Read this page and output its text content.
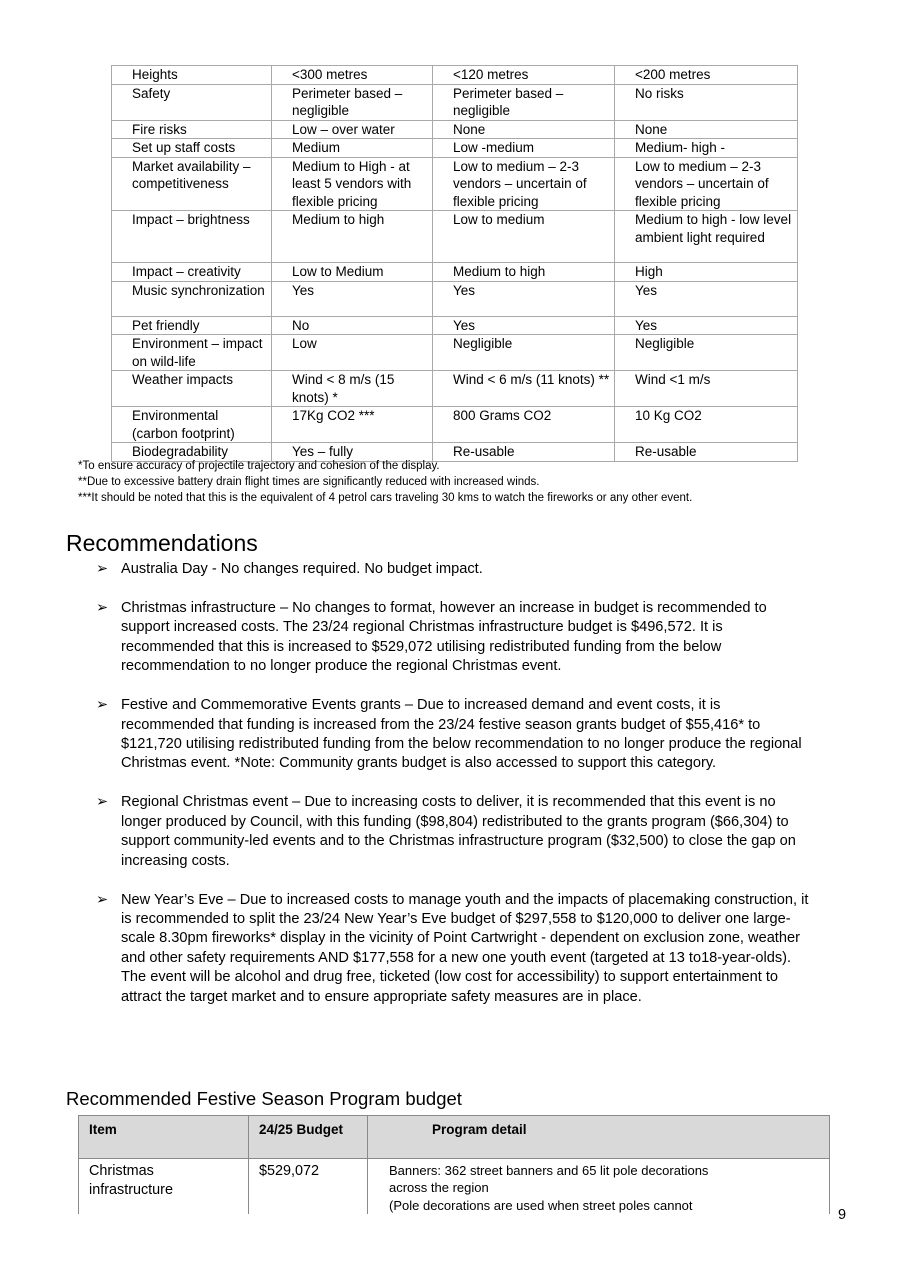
Heights	<300 metres	<120 metres	<200 metres
Safety	Perimeter based – negligible	Perimeter based – negligible	No risks
Fire risks	Low – over water	None	None
Set up staff costs	Medium	Low -medium	Medium- high -
Market availability – competitiveness	Medium to High - at least 5 vendors with flexible pricing	Low to medium – 2-3 vendors – uncertain of flexible pricing	Low to medium – 2-3 vendors – uncertain of flexible pricing
Impact – brightness	Medium to high	Low to medium	Medium to high - low level ambient light required
Impact – creativity	Low to Medium	Medium to high	High
Music synchronization	Yes	Yes	Yes
Pet friendly	No	Yes	Yes
Environment – impact on wild-life	Low	Negligible	Negligible
Weather impacts	Wind < 8 m/s (15 knots) *	Wind < 6 m/s (11 knots) **	Wind <1 m/s
Environmental (carbon footprint)	17Kg CO2 ***	800 Grams CO2	10 Kg CO2
Biodegradability	Yes – fully	Re-usable	Re-usable
*To ensure accuracy of projectile trajectory and cohesion of the display.
**Due to excessive battery drain flight times are significantly reduced with increased winds.
***It should be noted that this is the equivalent of 4 petrol cars traveling 30 kms to watch the fireworks or any other event.
Recommendations
➢ Australia Day - No changes required. No budget impact.
➢ Christmas infrastructure – No changes to format, however an increase in budget is recommended to support increased costs. The 23/24 regional Christmas infrastructure budget is $496,572. It is recommended that this is increased to $529,072 utilising redistributed funding from the below recommendation to no longer produce the regional Christmas event.
➢ Festive and Commemorative Events grants – Due to increased demand and event costs, it is recommended that funding is increased from the 23/24 festive season grants budget of $55,416* to $121,720 utilising redistributed funding from the below recommendation to no longer produce the regional Christmas event. *Note: Community grants budget is also accessed to support this category.
➢ Regional Christmas event – Due to increasing costs to deliver, it is recommended that this event is no longer produced by Council, with this funding ($98,804) redistributed to the grants program ($66,304) to support community-led events and to the Christmas infrastructure program ($32,500) to close the gap on increasing costs.
➢ New Year’s Eve – Due to increased costs to manage youth and the impacts of placemaking construction, it is recommended to split the 23/24 New Year’s Eve budget of $297,558 to $120,000 to deliver one large-scale 8.30pm fireworks* display in the vicinity of Point Cartwright - dependent on exclusion zone, weather and other safety requirements AND $177,558 for a new one youth event (targeted at 13 to18-year-olds). The event will be alcohol and drug free, ticketed (low cost for accessibility) to support entertainment to attract the target market and to ensure appropriate safety measures are in place.
Recommended Festive Season Program budget
Item	24/25 Budget	Program detail
Christmas infrastructure	$529,072	Banners: 362 street banners and 65 lit pole decorations
across the region
(Pole decorations are used when street poles cannot
9
